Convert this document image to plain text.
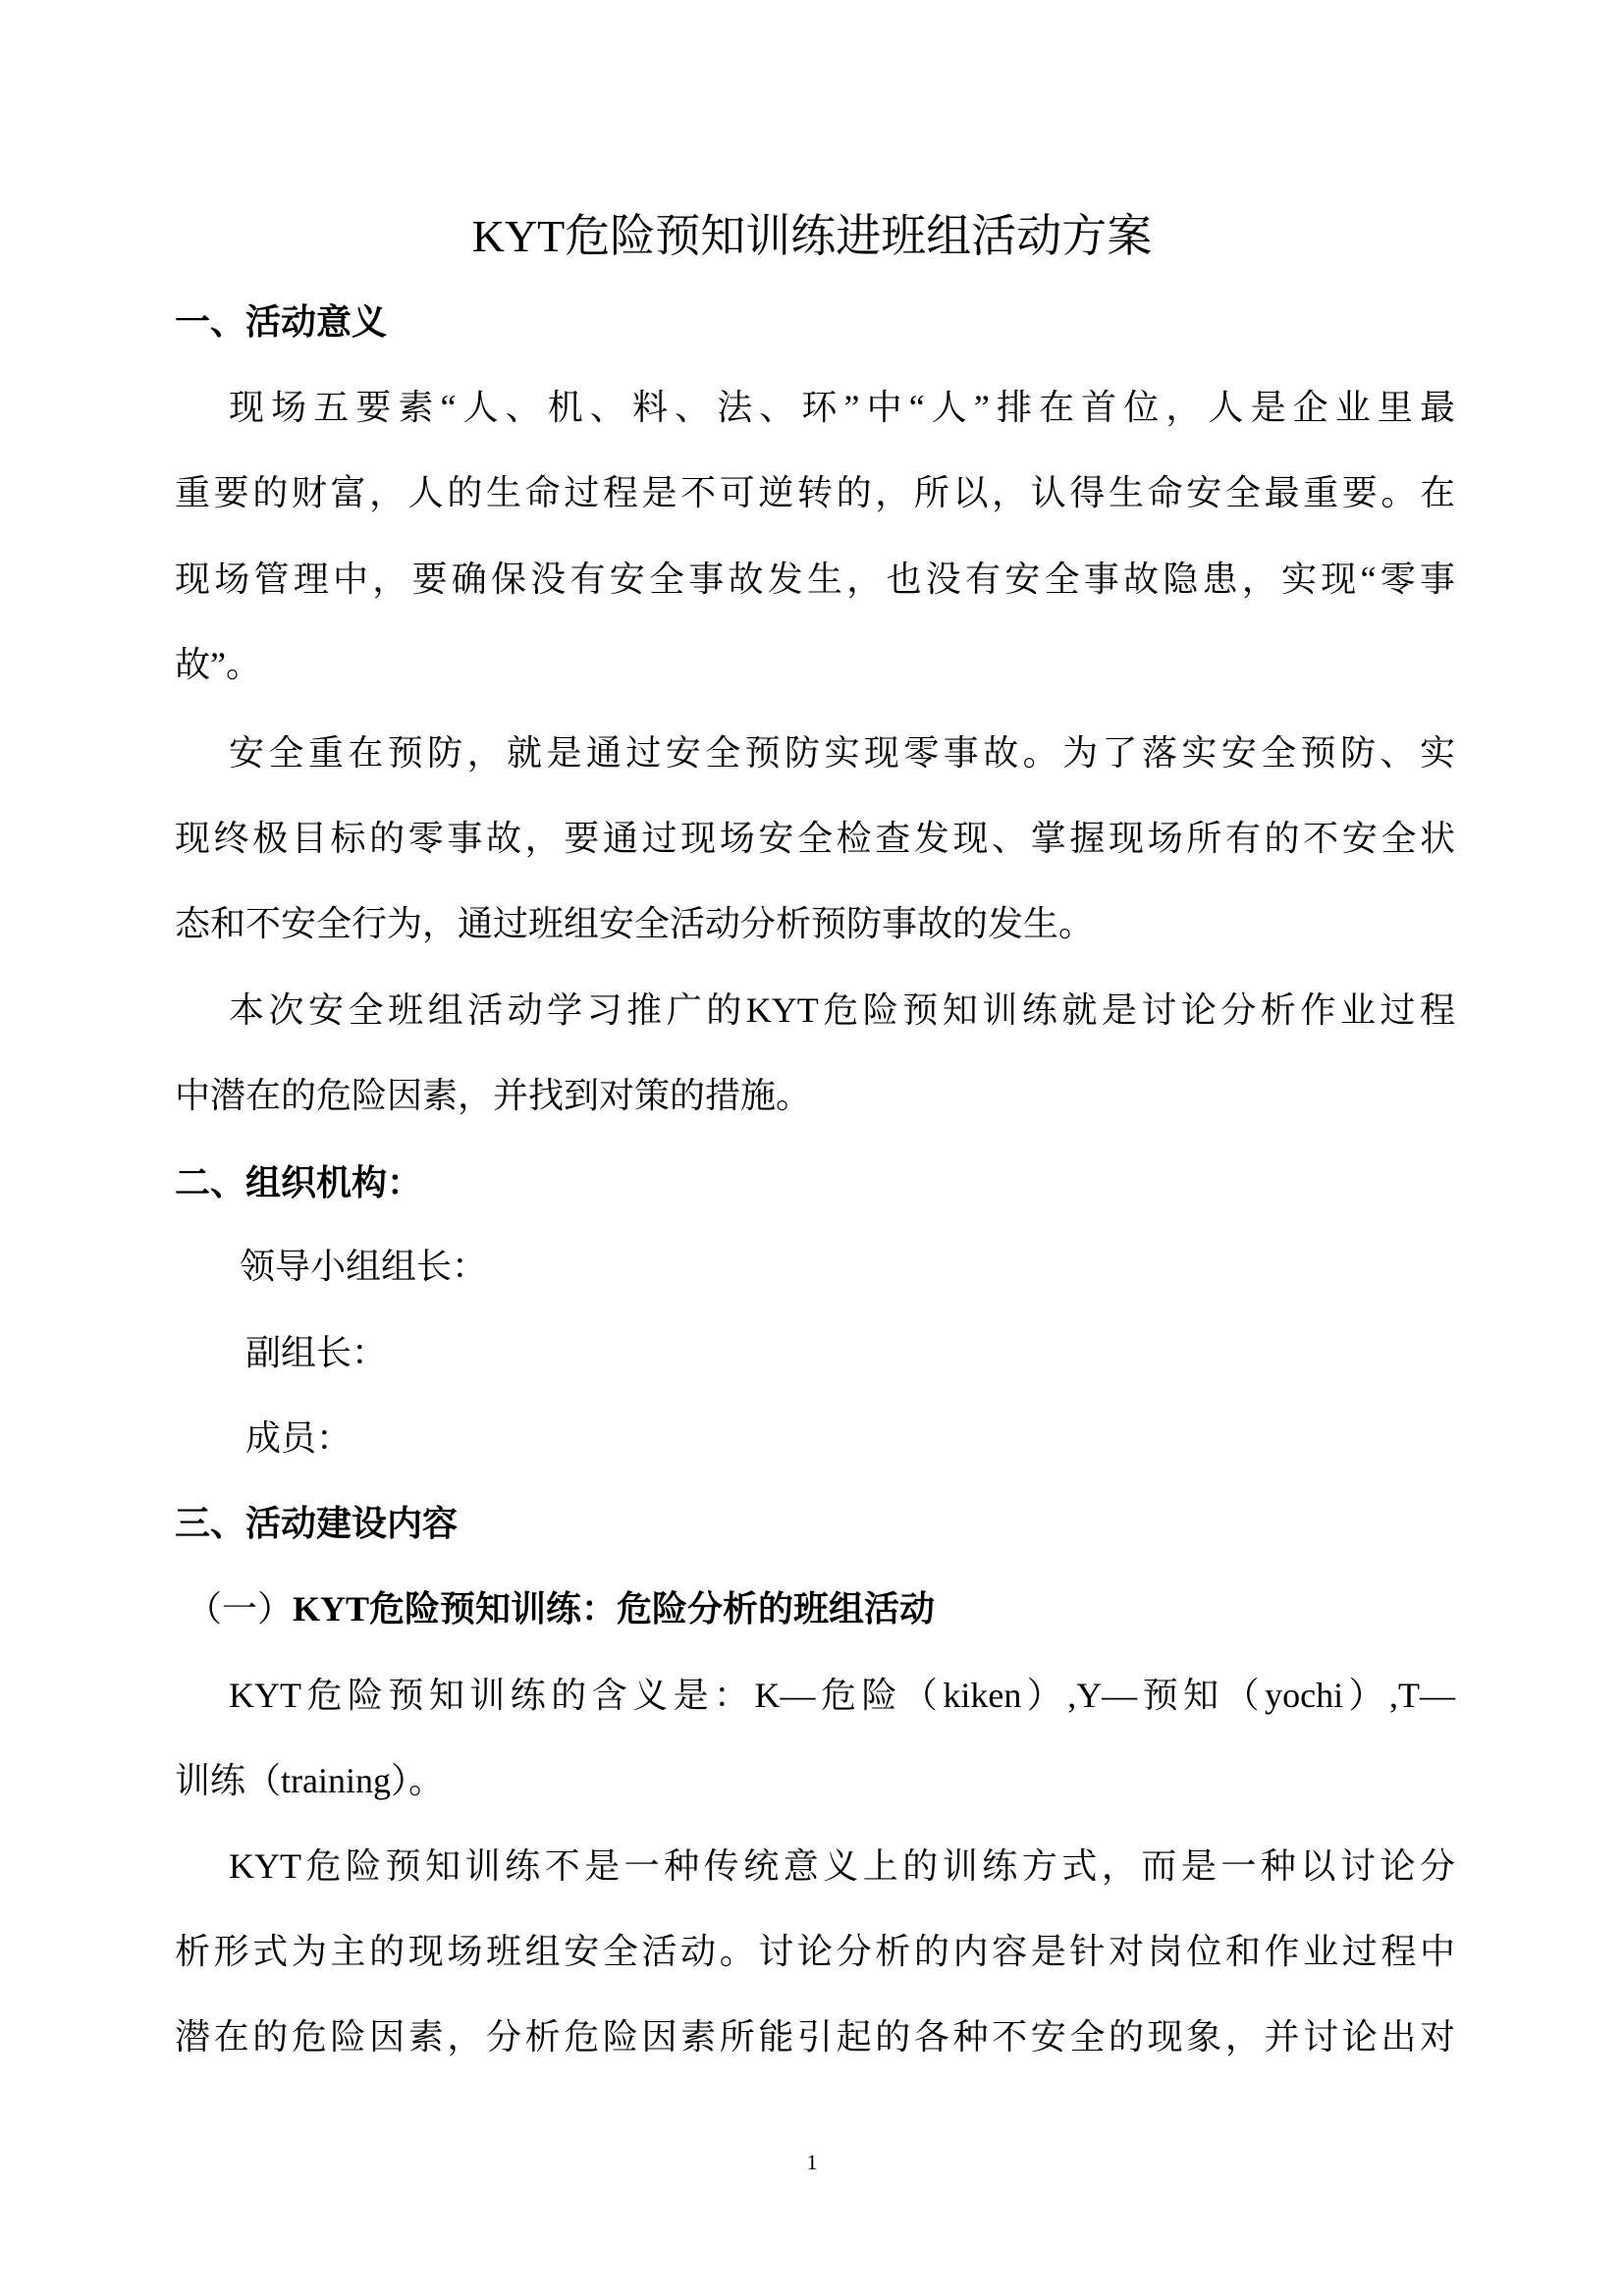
KYT危险预知训练进班组活动方案
一、活动意义
现场五要素“人、机、料、法、环”中“人”排在首位，人是企业里最
重要的财富，人的生命过程是不可逆转的，所以，认得生命安全最重要。在
现场管理中，要确保没有安全事故发生，也没有安全事故隐患，实现“零事
故”。
安全重在预防，就是通过安全预防实现零事故。为了落实安全预防、实
现终极目标的零事故，要通过现场安全检查发现、掌握现场所有的不安全状
态和不安全行为，通过班组安全活动分析预防事故的发生。
本次安全班组活动学习推广的KYT危险预知训练就是讨论分析作业过程
中潜在的危险因素，并找到对策的措施。
二、组织机构：
领导小组组长：
副组长：
成员：
三、活动建设内容
（一）KYT危险预知训练：危险分析的班组活动
KYT危险预知训练的含义是：K—危险（kiken）,Y—预知（yochi）,T—
训练（training）。
KYT危险预知训练不是一种传统意义上的训练方式，而是一种以讨论分
析形式为主的现场班组安全活动。讨论分析的内容是针对岗位和作业过程中
潜在的危险因素，分析危险因素所能引起的各种不安全的现象，并讨论出对
1
